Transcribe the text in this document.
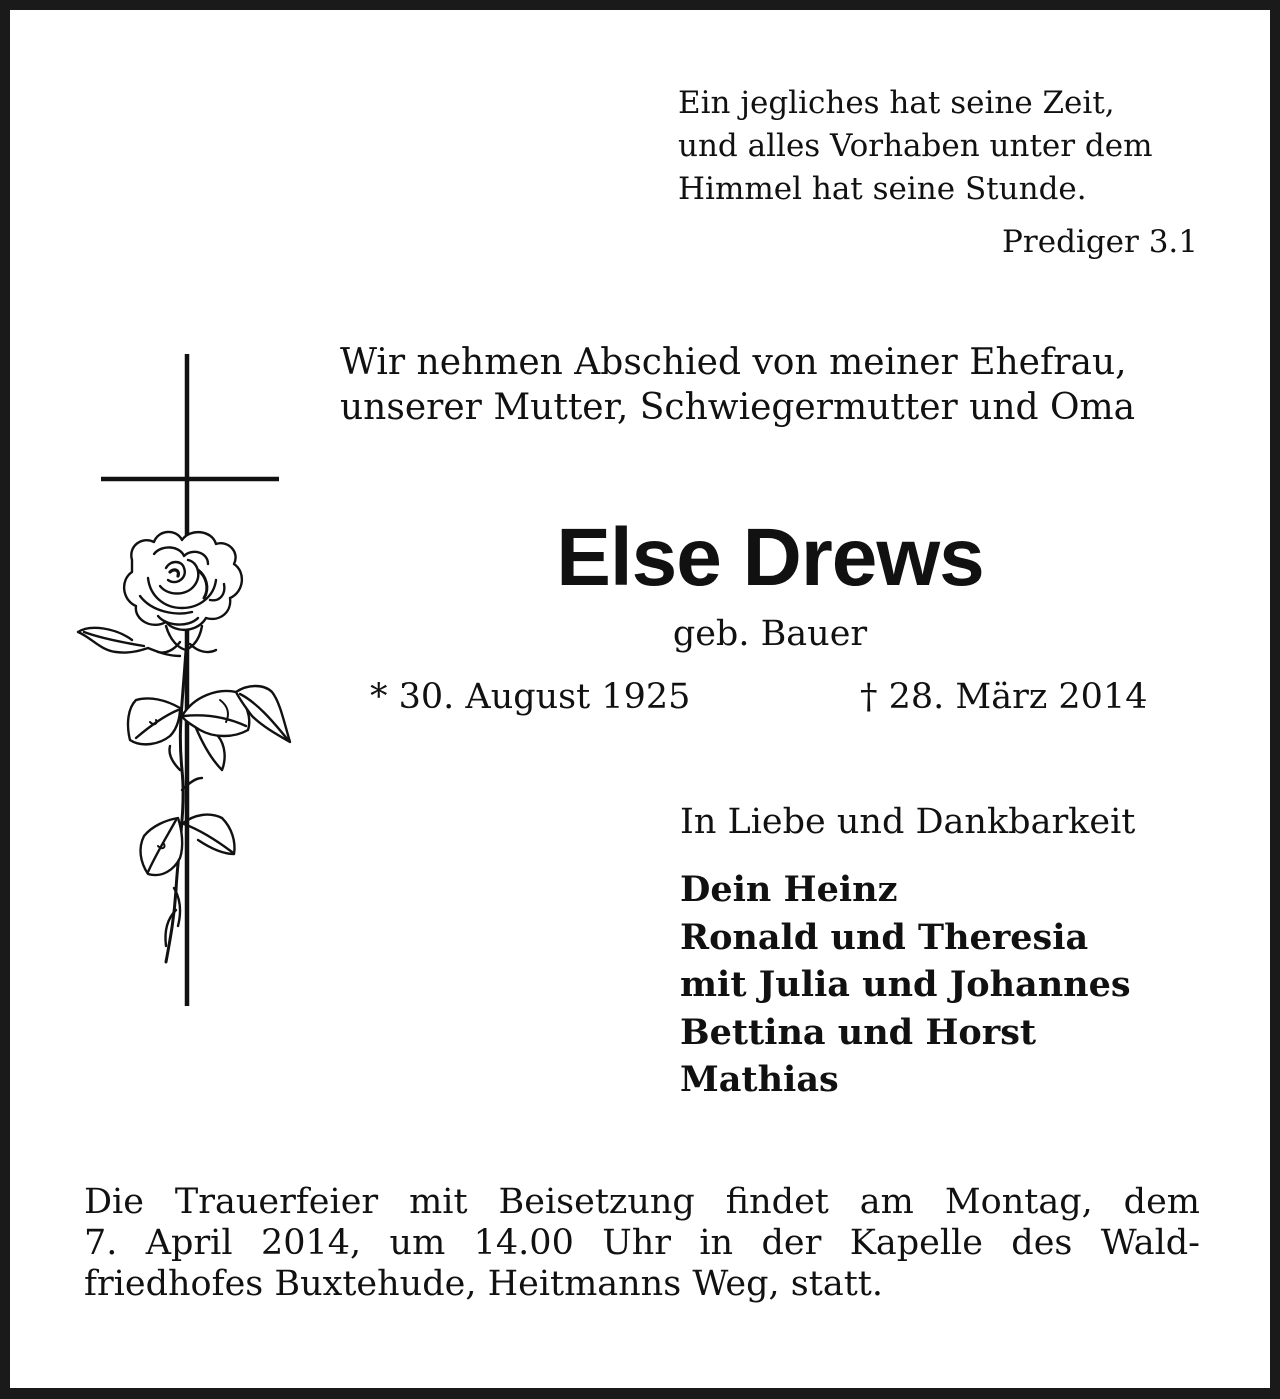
Ein jegliches hat seine Zeit,
und alles Vorhaben unter dem
Himmel hat seine Stunde.
Prediger 3.1
Wir nehmen Abschied von meiner Ehefrau,
unserer Mutter, Schwiegermutter und Oma
Else Drews
geb. Bauer
* 30. August 1925	† 28. März 2014
In Liebe und Dankbarkeit
Dein Heinz
Ronald und Theresia
mit Julia und Johannes
Bettina und Horst
Mathias
Die Trauerfeier mit Beisetzung findet am Montag, dem
7. April 2014, um 14.00 Uhr in der Kapelle des Wald-
friedhofes Buxtehude, Heitmanns Weg, statt.
